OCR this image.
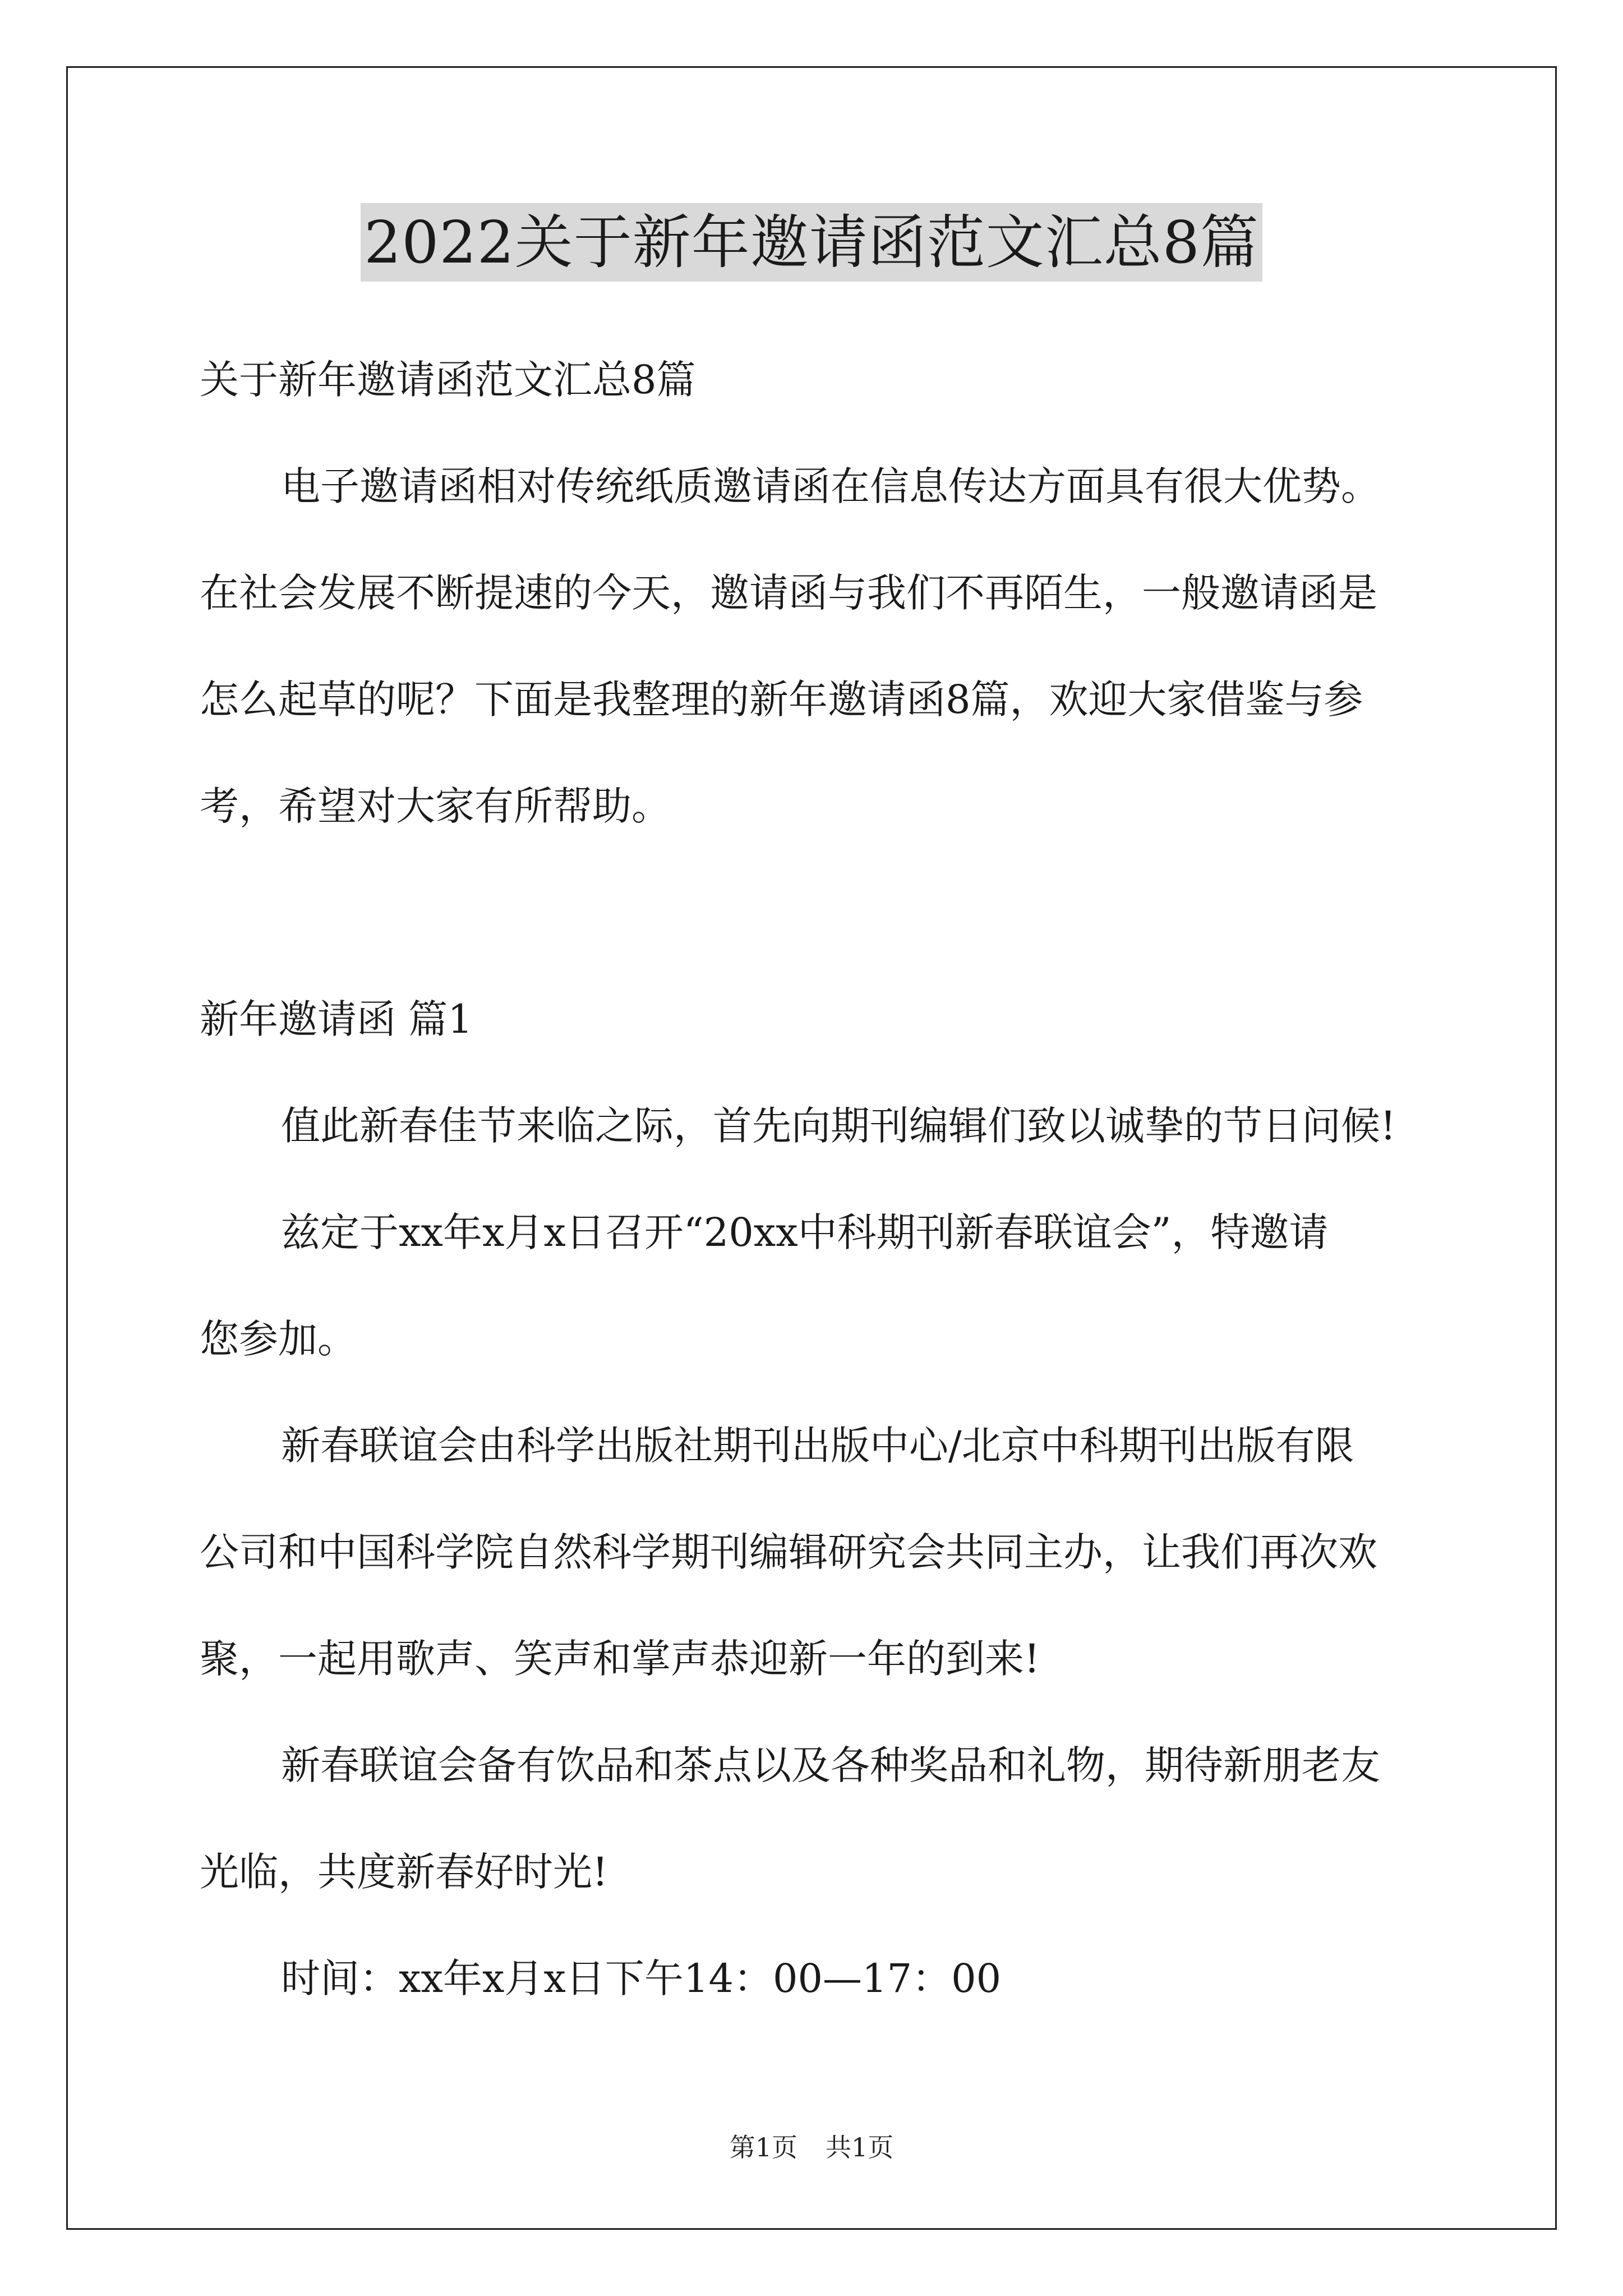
2022关于新年邀请函范文汇总8篇
关于新年邀请函范文汇总8篇
电子邀请函相对传统纸质邀请函在信息传达方面具有很大优势。
在社会发展不断提速的今天，邀请函与我们不再陌生，一般邀请函是
怎么起草的呢？下面是我整理的新年邀请函8篇，欢迎大家借鉴与参
考，希望对大家有所帮助。
新年邀请函 篇1
值此新春佳节来临之际，首先向期刊编辑们致以诚挚的节日问候!
兹定于xx年x月x日召开“20xx中科期刊新春联谊会”，特邀请
您参加。
新春联谊会由科学出版社期刊出版中心/北京中科期刊出版有限
公司和中国科学院自然科学期刊编辑研究会共同主办，让我们再次欢
聚，一起用歌声、笑声和掌声恭迎新一年的到来!
新春联谊会备有饮品和茶点以及各种奖品和礼物，期待新朋老友
光临，共度新春好时光!
时间：xx年x月x日下午14：00—17：00
第1页 共1页
